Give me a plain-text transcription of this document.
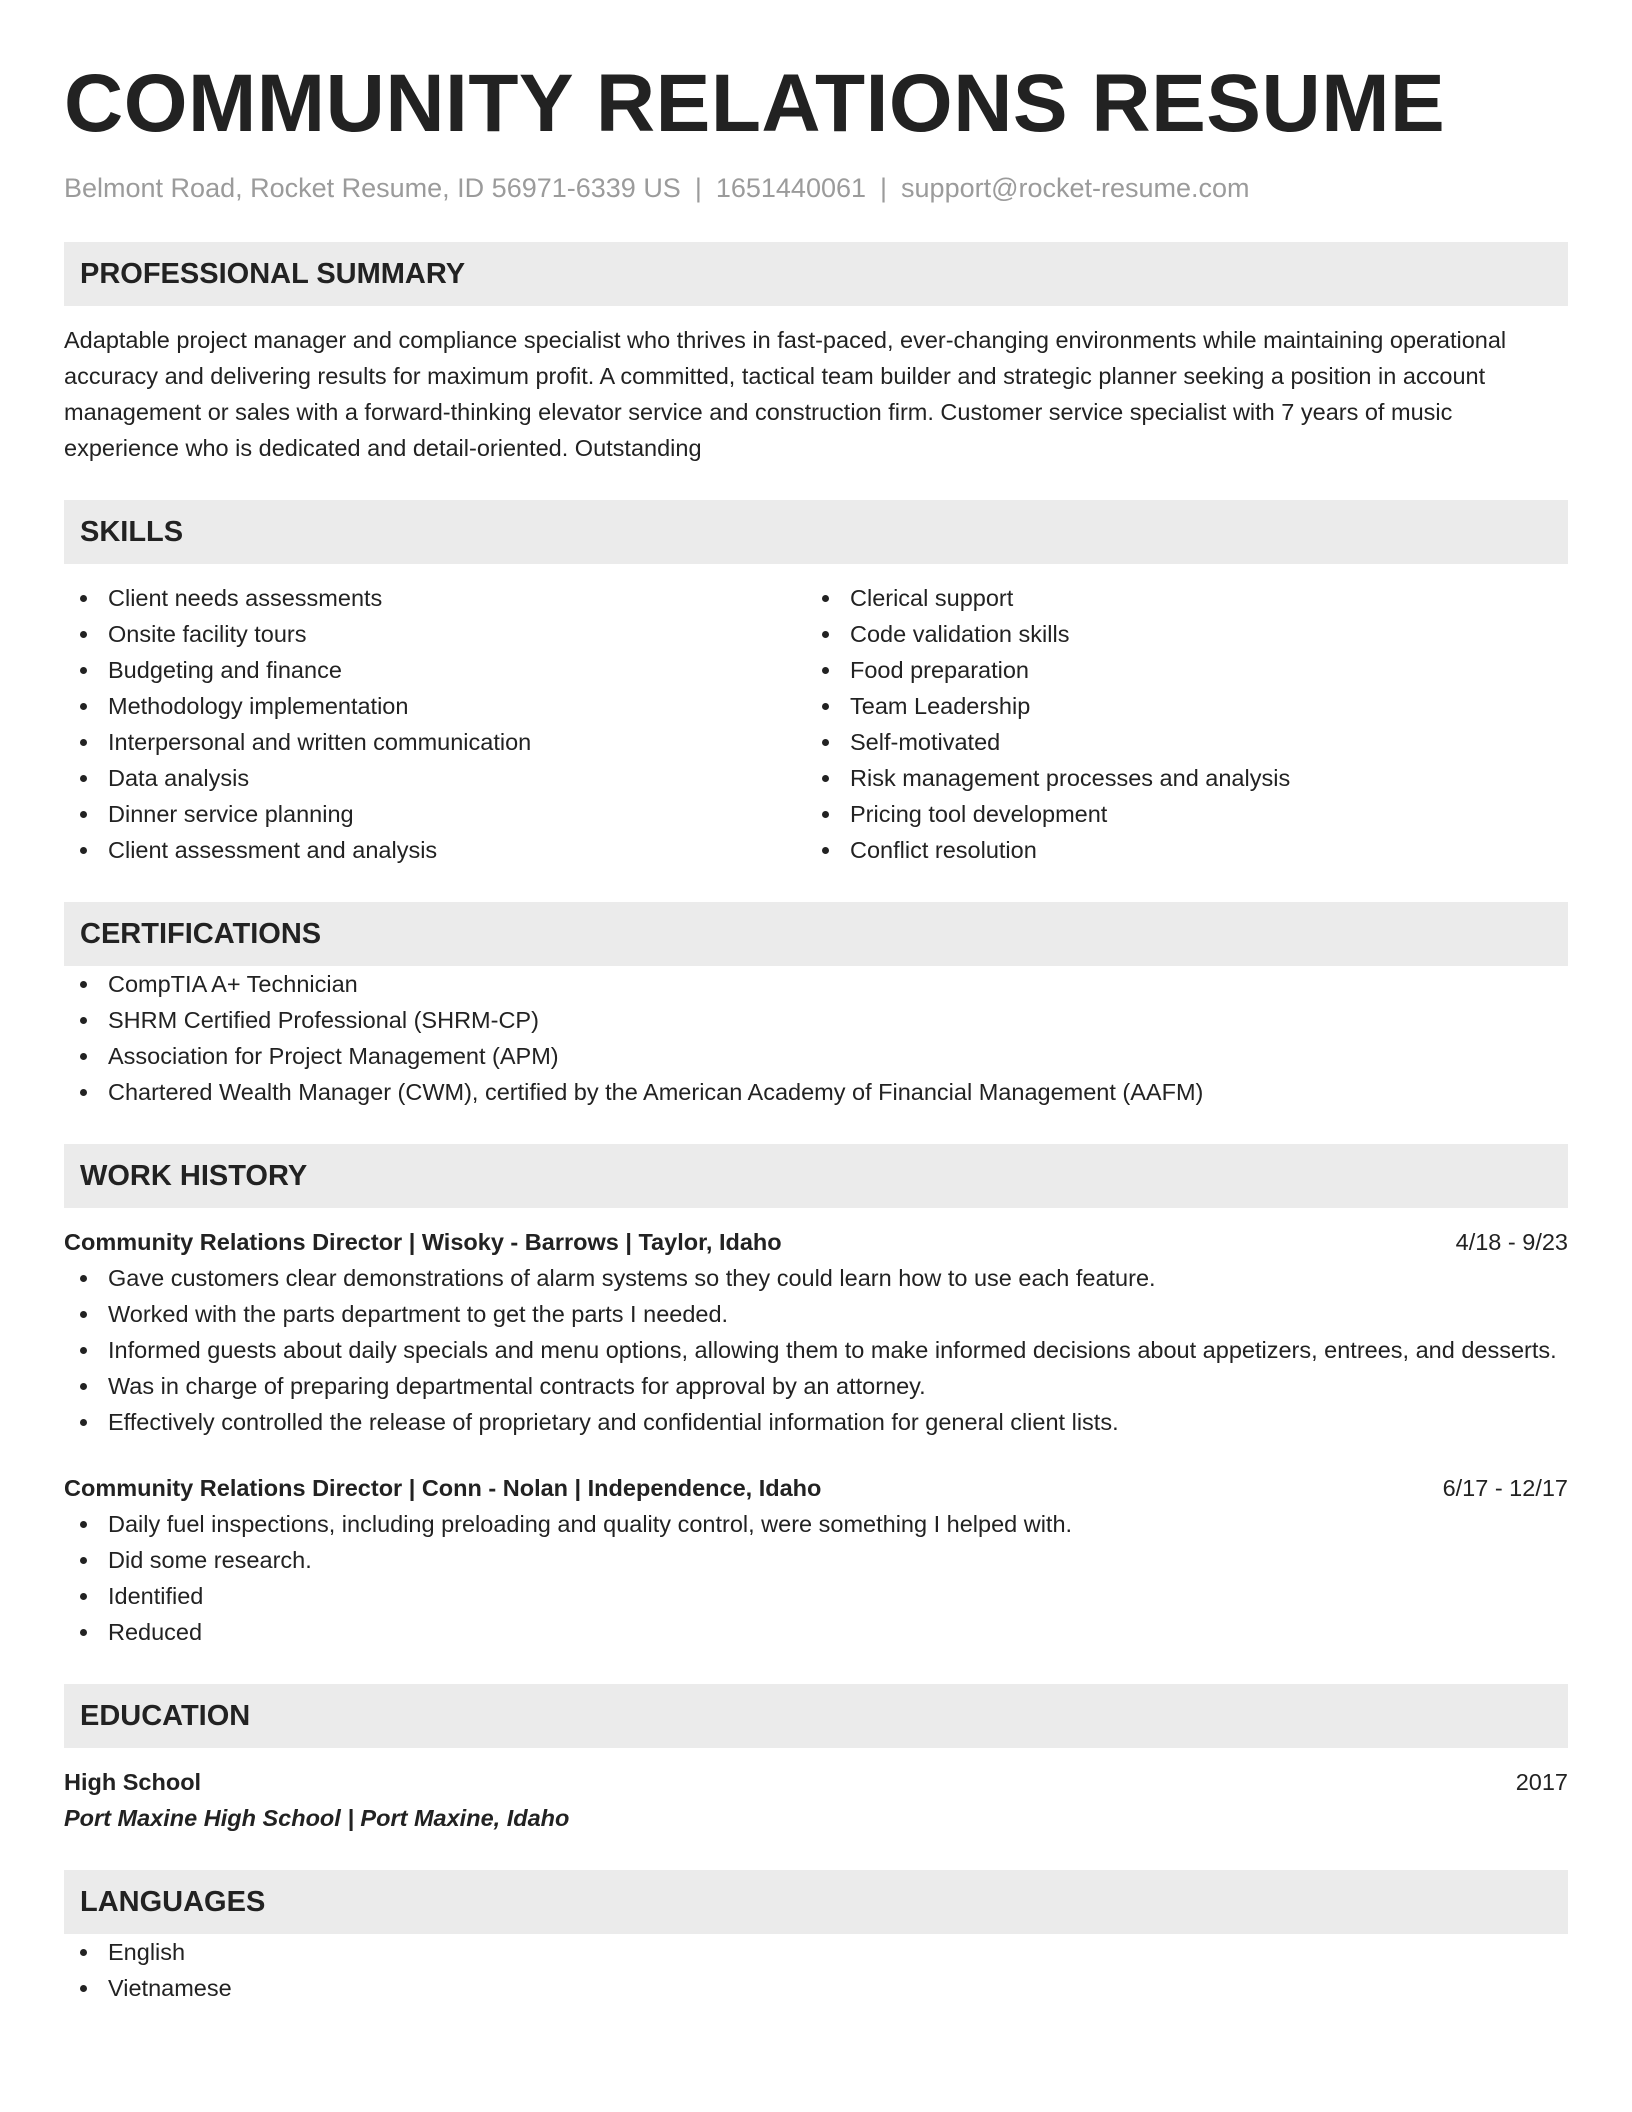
COMMUNITY RELATIONS RESUME
Belmont Road, Rocket Resume, ID 56971-6339 US | 1651440061 | support@rocket-resume.com
PROFESSIONAL SUMMARY
Adaptable project manager and compliance specialist who thrives in fast-paced, ever-changing environments while maintaining operational accuracy and delivering results for maximum profit. A committed, tactical team builder and strategic planner seeking a position in account management or sales with a forward-thinking elevator service and construction firm. Customer service specialist with 7 years of music experience who is dedicated and detail-oriented. Outstanding
SKILLS
Client needs assessments
Onsite facility tours
Budgeting and finance
Methodology implementation
Interpersonal and written communication
Data analysis
Dinner service planning
Client assessment and analysis
Clerical support
Code validation skills
Food preparation
Team Leadership
Self-motivated
Risk management processes and analysis
Pricing tool development
Conflict resolution
CERTIFICATIONS
CompTIA A+ Technician
SHRM Certified Professional (SHRM-CP)
Association for Project Management (APM)
Chartered Wealth Manager (CWM), certified by the American Academy of Financial Management (AAFM)
WORK HISTORY
Community Relations Director | Wisoky - Barrows | Taylor, Idaho	4/18 - 9/23
Gave customers clear demonstrations of alarm systems so they could learn how to use each feature.
Worked with the parts department to get the parts I needed.
Informed guests about daily specials and menu options, allowing them to make informed decisions about appetizers, entrees, and desserts.
Was in charge of preparing departmental contracts for approval by an attorney.
Effectively controlled the release of proprietary and confidential information for general client lists.
Community Relations Director | Conn - Nolan | Independence, Idaho	6/17 - 12/17
Daily fuel inspections, including preloading and quality control, were something I helped with.
Did some research.
Identified
Reduced
EDUCATION
High School	2017
Port Maxine High School | Port Maxine, Idaho
LANGUAGES
English
Vietnamese
